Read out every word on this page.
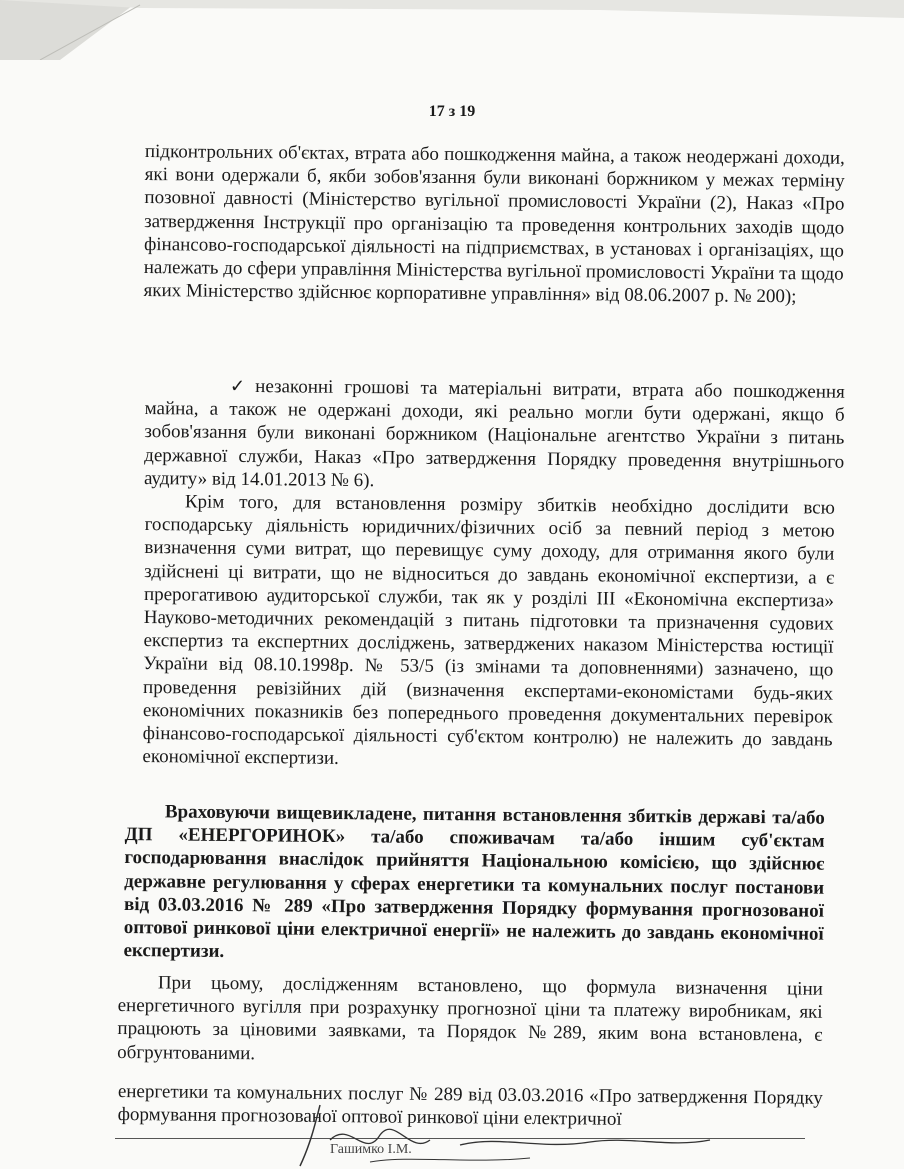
17 з 19

підконтрольних об'єктах, втрата або пошкодження майна, а також неодержані доходи, які вони одержали б, якби зобов'язання були виконані боржником у межах терміну позовної давності (Міністерство вугільної промисловості України (2), Наказ «Про затвердження Інструкції про організацію та проведення контрольних заходів щодо фінансово-господарської діяльності на підприємствах, в установах і організаціях, що належать до сфери управління Міністерства вугільної промисловості України та щодо яких Міністерство здійснює корпоративне управління» від 08.06.2007 р. № 200);

✓ незаконні грошові та матеріальні витрати, втрата або пошкодження майна, а також не одержані доходи, які реально могли бути одержані, якщо б зобов'язання були виконані боржником (Національне агентство України з питань державної служби, Наказ «Про затвердження Порядку проведення внутрішнього аудиту» від 14.01.2013 № 6).

Крім того, для встановлення розміру збитків необхідно дослідити всю господарську діяльність юридичних/фізичних осіб за певний період з метою визначення суми витрат, що перевищує суму доходу, для отримання якого були здійснені ці витрати, що не відноситься до завдань економічної експертизи, а є прерогативою аудиторської служби, так як у розділі III «Економічна експертиза» Науково-методичних рекомендацій з питань підготовки та призначення судових експертиз та експертних досліджень, затверджених наказом Міністерства юстиції України від 08.10.1998р. № 53/5 (із змінами та доповненнями) зазначено, що проведення ревізійних дій (визначення експертами-економістами будь-яких економічних показників без попереднього проведення документальних перевірок фінансово-господарської діяльності суб'єктом контролю) не належить до завдань економічної експертизи.

Враховуючи вищевикладене, питання встановлення збитків державі та/або ДП «ЕНЕРГОРИНОК» та/або споживачам та/або іншим суб'єктам господарювання внаслідок прийняття Національною комісією, що здійснює державне регулювання у сферах енергетики та комунальних послуг постанови від 03.03.2016 № 289 «Про затвердження Порядку формування прогнозованої оптової ринкової ціни електричної енергії» не належить до завдань економічної експертизи.

При цьому, дослідженням встановлено, що формула визначення ціни енергетичного вугілля при розрахунку прогнозної ціни та платежу виробникам, які працюють за ціновими заявками, та Порядок №289, яким вона встановлена, є обгрунтованими.

енергетики та комунальних послуг № 289 від 03.03.2016 «Про затвердження Порядку формування прогнозованої оптової ринкової ціни електричної

Гашимко І.М.
